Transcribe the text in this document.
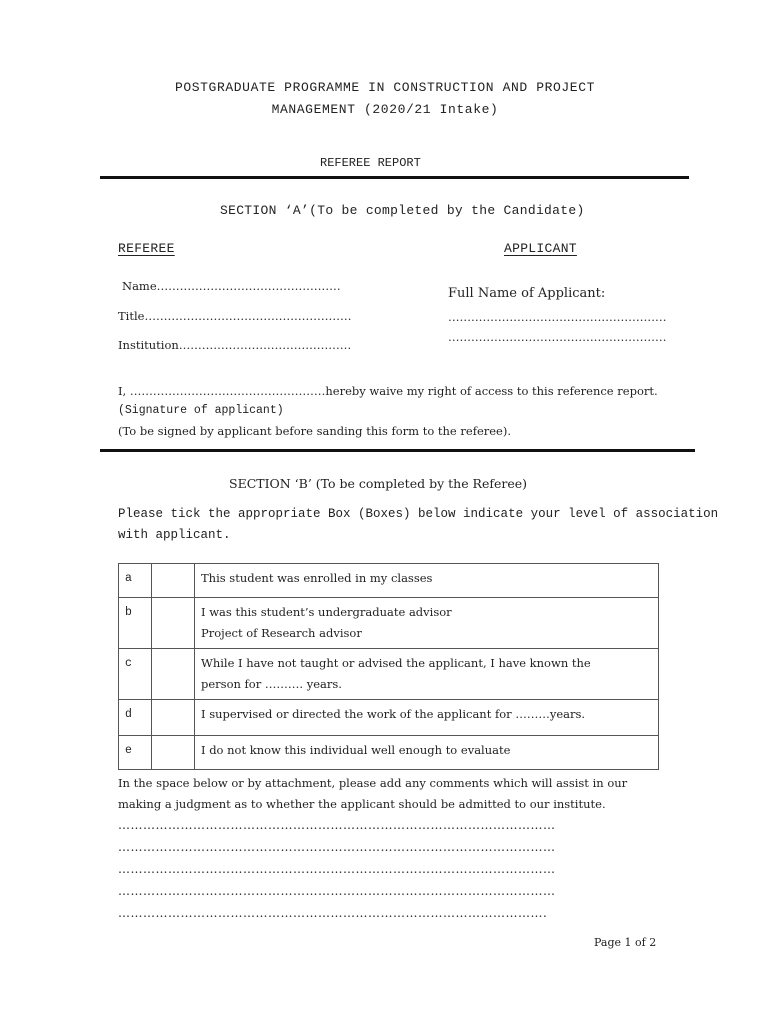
POSTGRADUATE PROGRAMME IN CONSTRUCTION AND PROJECT
MANAGEMENT (2020/21 Intake)
REFEREE REPORT
SECTION ‘A’(To be completed by the Candidate)
REFEREE	APPLICANT
Name…………………………………………
Title………………………………………………
Institution………………………………………
Full Name of Applicant:
…………………………………………………
…………………………………………………
I, ……………………………………………hereby waive my right of access to this reference report.
(Signature of applicant)
(To be signed by applicant before sanding this form to the referee).
SECTION ‘B’ (To be completed by the Referee)
Please tick the appropriate Box (Boxes) below indicate your level of association
with applicant.
a		This student was enrolled in my classes

b		I was this student’s undergraduate advisor
Project of Research advisor

c		While I have not taught or advised the applicant, I have known the
person for ………. years.

d		I supervised or directed the work of the applicant for ………years.

e		I do not know this individual well enough to evaluate
In the space below or by attachment, please add any comments which will assist in our
making a judgment as to whether the applicant should be admitted to our institute.
……………………………………………………………………………………………
……………………………………………………………………………………………
……………………………………………………………………………………………
……………………………………………………………………………………………
………………………………………………………………………………………….
Page 1 of 2
